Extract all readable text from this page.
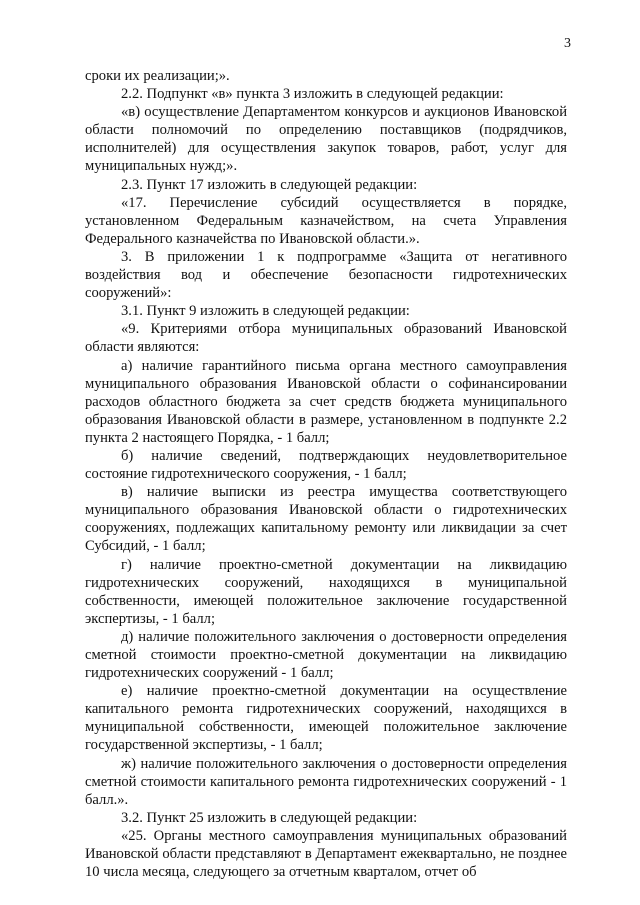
3

сроки их реализации;».

2.2. Подпункт «в» пункта 3 изложить в следующей редакции:

«в) осуществление Департаментом конкурсов и аукционов Ивановской области полномочий по определению поставщиков (подрядчиков, исполнителей) для осуществления закупок товаров, работ, услуг для муниципальных нужд;».

2.3. Пункт 17 изложить в следующей редакции:

«17. Перечисление субсидий осуществляется в порядке, установленном Федеральным казначейством, на счета Управления Федерального казначейства по Ивановской области.».

3. В приложении 1 к подпрограмме «Защита от негативного воздействия вод и обеспечение безопасности гидротехнических сооружений»:

3.1. Пункт 9 изложить в следующей редакции:

«9. Критериями отбора муниципальных образований Ивановской области являются:

а) наличие гарантийного письма органа местного самоуправления муниципального образования Ивановской области о софинансировании расходов областного бюджета за счет средств бюджета муниципального образования Ивановской области в размере, установленном в подпункте 2.2 пункта 2 настоящего Порядка, - 1 балл;

б) наличие сведений, подтверждающих неудовлетворительное состояние гидротехнического сооружения, - 1 балл;

в) наличие выписки из реестра имущества соответствующего муниципального образования Ивановской области о гидротехнических сооружениях, подлежащих капитальному ремонту или ликвидации за счет Субсидий, - 1 балл;

г) наличие проектно-сметной документации на ликвидацию гидротехнических сооружений, находящихся в муниципальной собственности, имеющей положительное заключение государственной экспертизы, - 1 балл;

д) наличие положительного заключения о достоверности определения сметной стоимости проектно-сметной документации на ликвидацию гидротехнических сооружений - 1 балл;

е) наличие проектно-сметной документации на осуществление капитального ремонта гидротехнических сооружений, находящихся в муниципальной собственности, имеющей положительное заключение государственной экспертизы, - 1 балл;

ж) наличие положительного заключения о достоверности определения сметной стоимости капитального ремонта гидротехнических сооружений - 1 балл.».

3.2. Пункт 25 изложить в следующей редакции:

«25. Органы местного самоуправления муниципальных образований Ивановской области представляют в Департамент ежеквартально, не позднее 10 числа месяца, следующего за отчетным кварталом, отчет об
